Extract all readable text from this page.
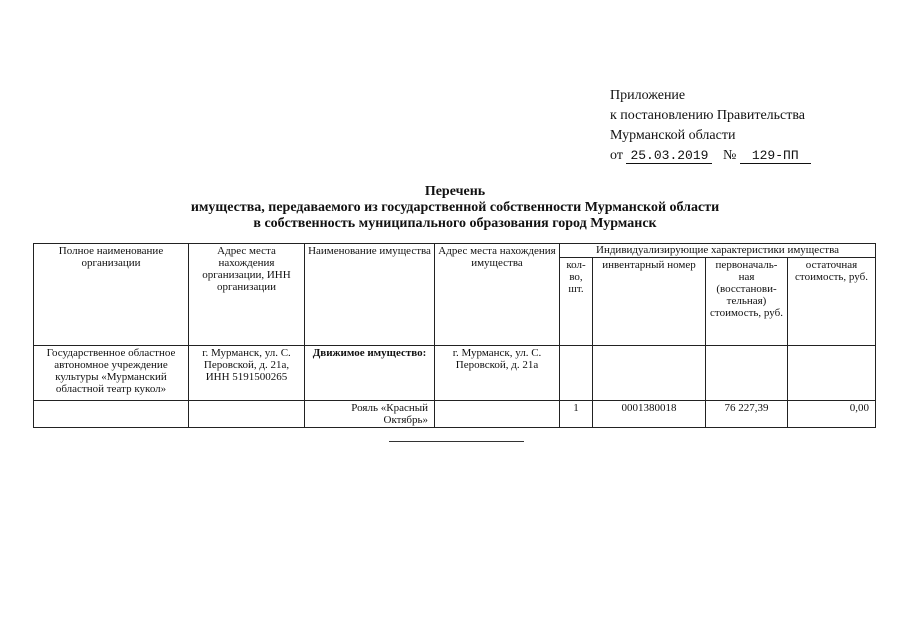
Приложение
к постановлению Правительства
Мурманской области
от 25.03.2019 № 129-ПП
Перечень
имущества, передаваемого из государственной собственности Мурманской области
в собственность муниципального образования город Мурманск
Полное наименование организации	Адрес места нахождения организации, ИНН организации	Наименование имущества	Адрес места нахождения имущества	Индивидуализирующие характеристики имущества			
				кол-во, шт.	инвентарный номер	первоначаль-ная (восстанови-тельная) стоимость, руб.	остаточная стоимость, руб.
Государственное областное автономное учреждение культуры «Мурманский областной театр кукол»	г. Мурманск, ул. С. Перовской, д. 21а, ИНН 5191500265	Движимое имущество:	г. Мурманск, ул. С. Перовской, д. 21а				
		Рояль «Красный Октябрь»		1	0001380018	76 227,39	0,00
